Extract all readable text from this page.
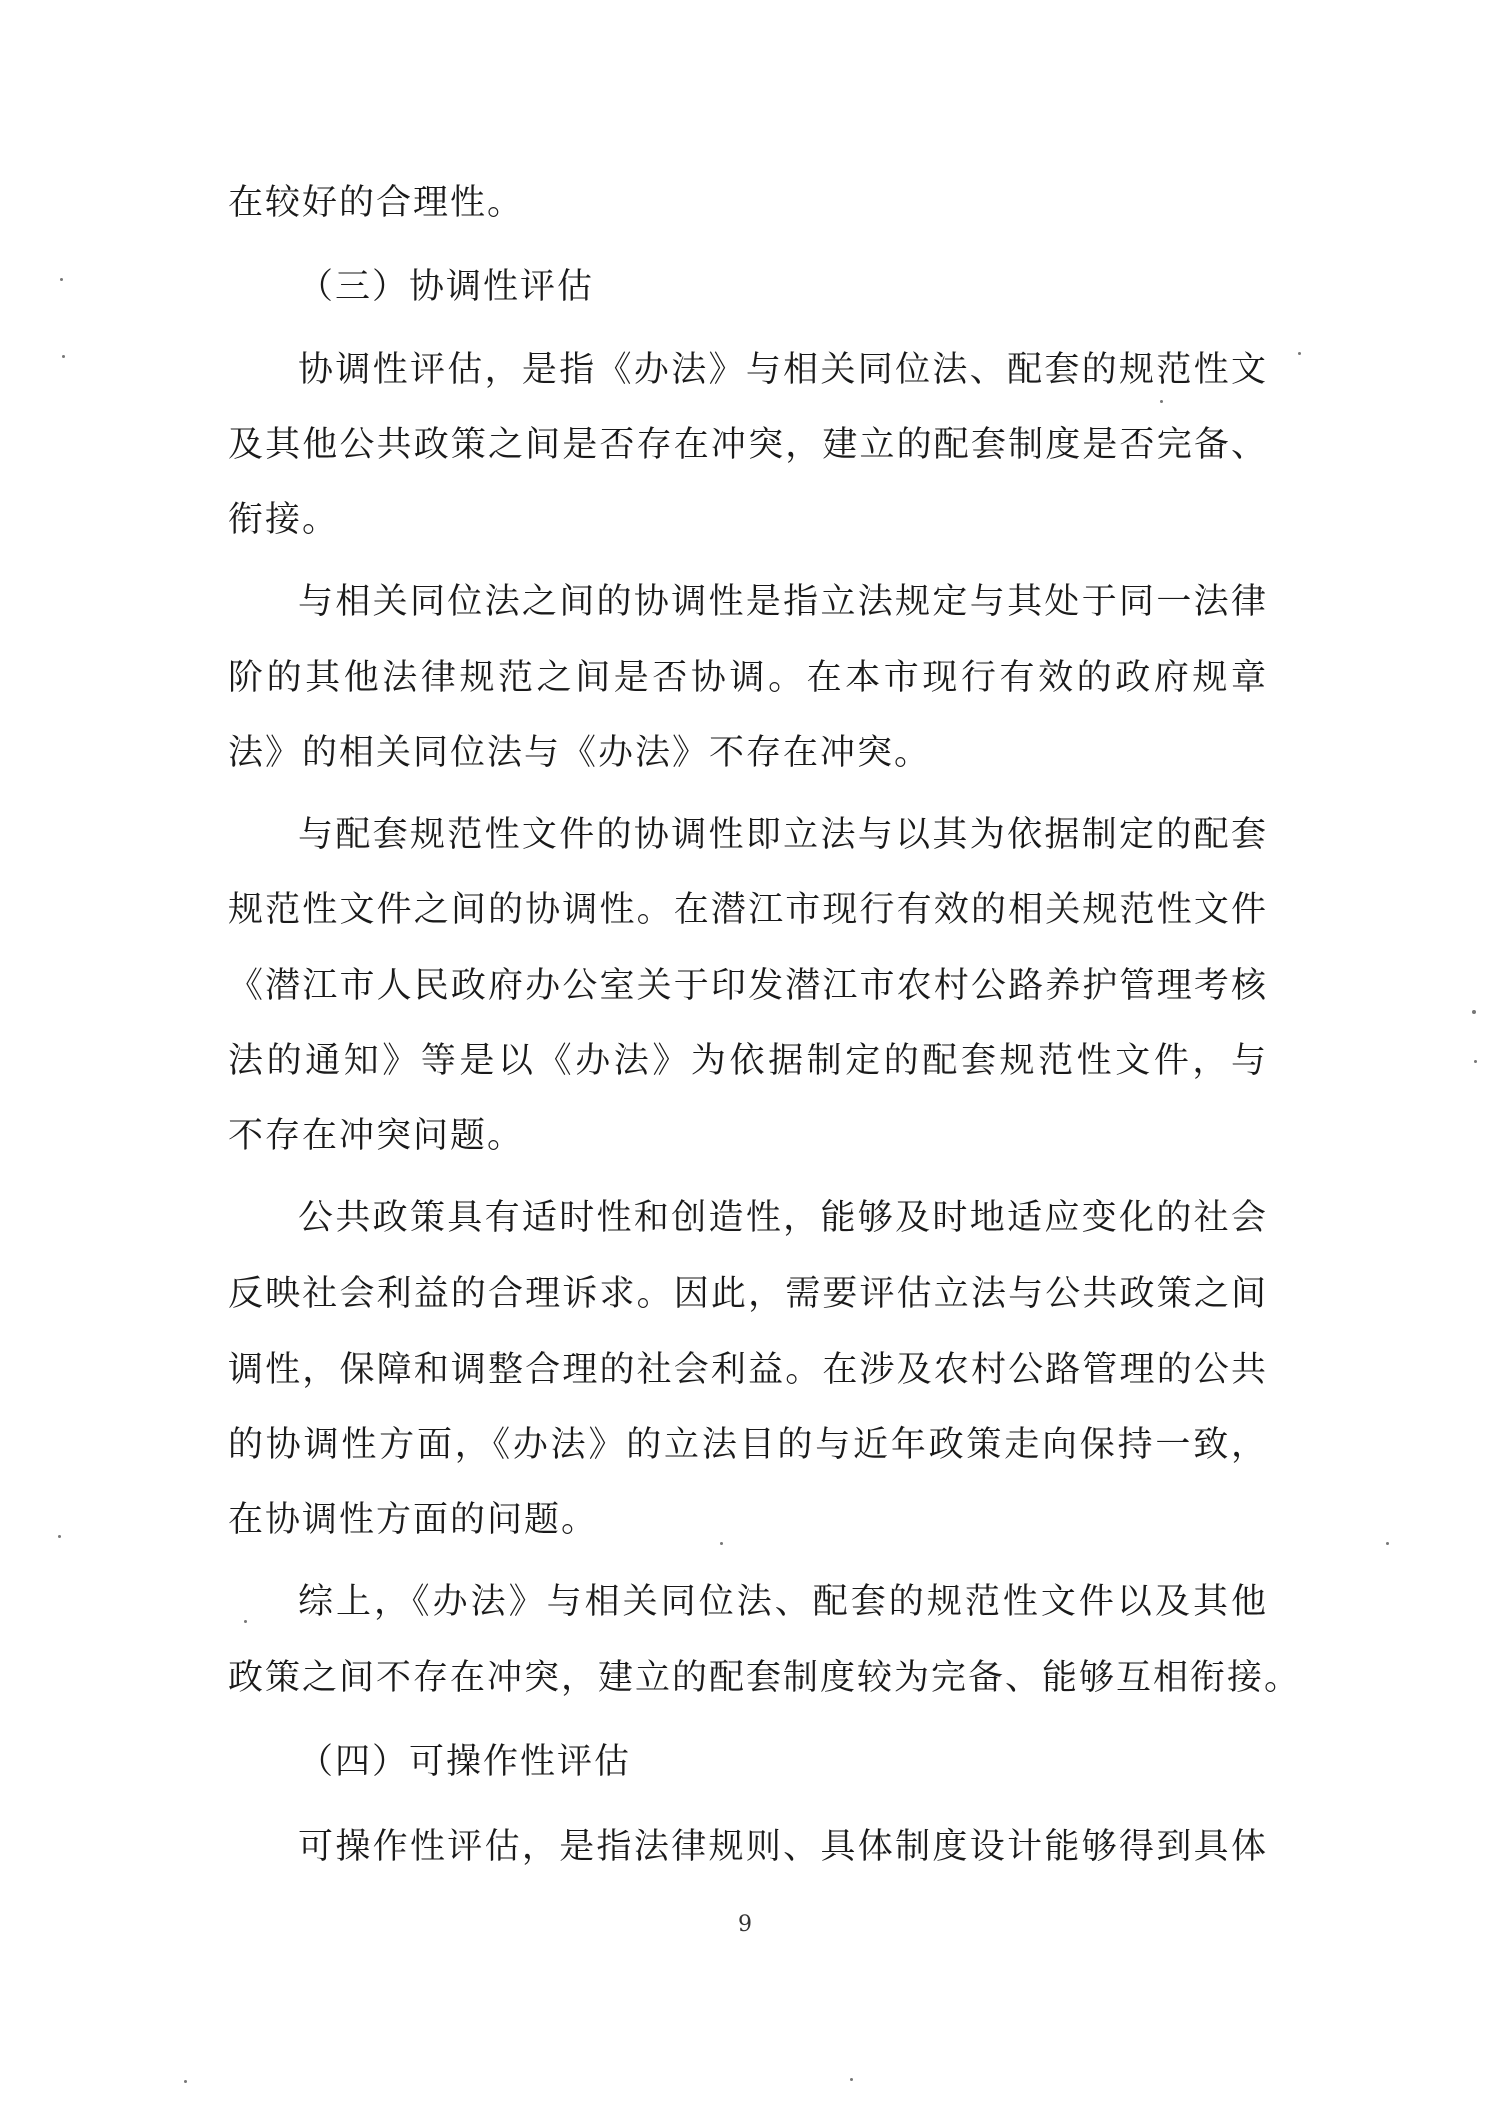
在较好的合理性。
（三）协调性评估
协调性评估，是指《办法》与相关同位法、配套的规范性文
及其他公共政策之间是否存在冲突，建立的配套制度是否完备、
衔接。
与相关同位法之间的协调性是指立法规定与其处于同一法律
阶的其他法律规范之间是否协调。在本市现行有效的政府规章
法》的相关同位法与《办法》不存在冲突。
与配套规范性文件的协调性即立法与以其为依据制定的配套
规范性文件之间的协调性。在潜江市现行有效的相关规范性文件
《潜江市人民政府办公室关于印发潜江市农村公路养护管理考核
法的通知》等是以《办法》为依据制定的配套规范性文件，与
不存在冲突问题。
公共政策具有适时性和创造性，能够及时地适应变化的社会
反映社会利益的合理诉求。因此，需要评估立法与公共政策之间
调性，保障和调整合理的社会利益。在涉及农村公路管理的公共
的协调性方面，《办法》的立法目的与近年政策走向保持一致，
在协调性方面的问题。
综上，《办法》与相关同位法、配套的规范性文件以及其他
政策之间不存在冲突，建立的配套制度较为完备、能够互相衔接。
（四）可操作性评估
可操作性评估，是指法律规则、具体制度设计能够得到具体
9
